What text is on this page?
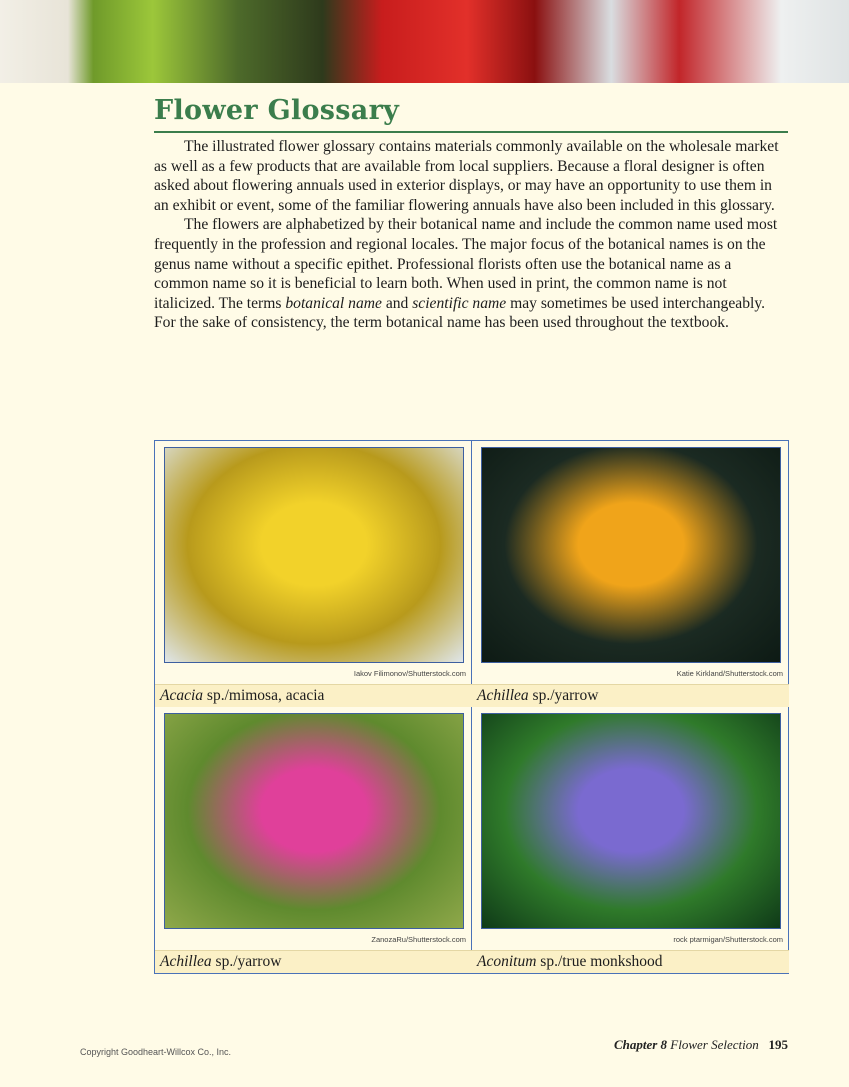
Flower Glossary

The illustrated flower glossary contains materials commonly available on the wholesale market as well as a few products that are available from local suppliers. Because a floral designer is often asked about flowering annuals used in exterior displays, or may have an opportunity to use them in an exhibit or event, some of the familiar flowering annuals have also been included in this glossary.

The flowers are alphabetized by their botanical name and include the common name used most frequently in the profession and regional locales. The major focus of the botanical names is on the genus name without a specific epithet. Professional florists often use the botanical name as a common name so it is beneficial to learn both. When used in print, the common name is not italicized. The terms botanical name and scientific name may sometimes be used interchangeably. For the sake of consistency, the term botanical name has been used throughout the textbook.

Iakov Filimonov/Shutterstock.com
Acacia sp./mimosa, acacia
Katie Kirkland/Shutterstock.com
Achillea sp./yarrow
ZanozaRu/Shutterstock.com
Achillea sp./yarrow
rock ptarmigan/Shutterstock.com
Aconitum sp./true monkshood
Copyright Goodheart-Willcox Co., Inc.	Chapter 8 Flower Selection 195
